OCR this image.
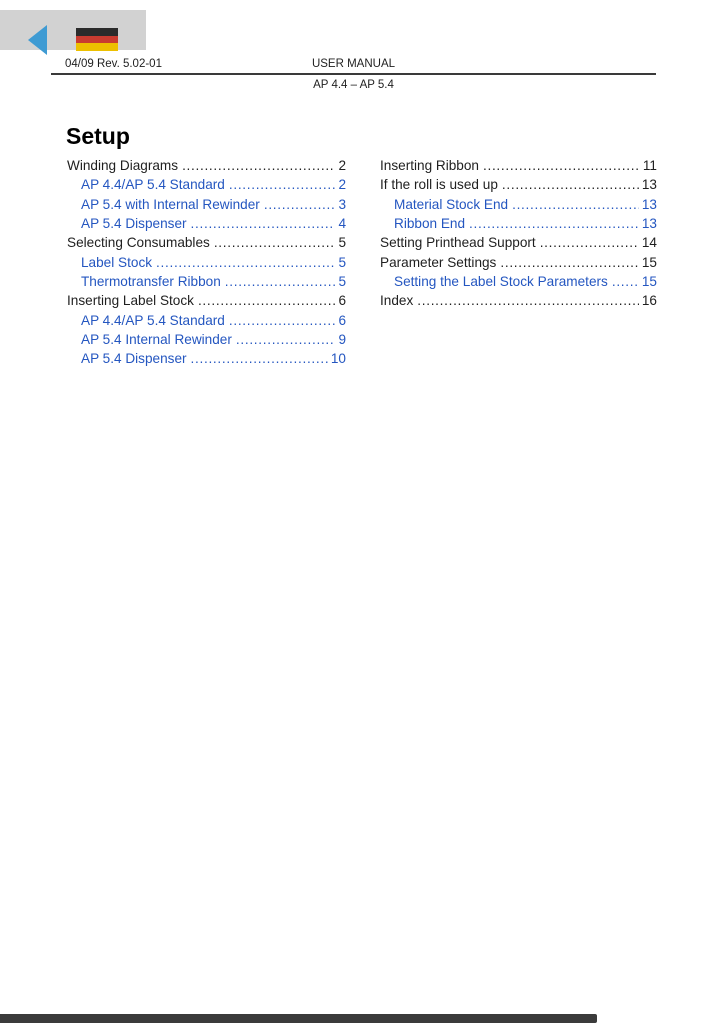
04/09 Rev. 5.02-01	USER MANUAL
AP 4.4 – AP 5.4
Setup
Winding Diagrams .....	2
AP 4.4/AP 5.4 Standard .....	2
AP 5.4 with Internal Rewinder .....	3
AP 5.4 Dispenser .....	4
Selecting Consumables .....	5
Label Stock .....	5
Thermotransfer Ribbon .....	5
Inserting Label Stock .....	6
AP 4.4/AP 5.4 Standard .....	6
AP 5.4 Internal Rewinder .....	9
AP 5.4 Dispenser .....	10
Inserting Ribbon .....	11
If the roll is used up .....	13
Material Stock End .....	13
Ribbon End .....	13
Setting Printhead Support .....	14
Parameter Settings .....	15
Setting the Label Stock Parameters .....	15
Index .....	16
